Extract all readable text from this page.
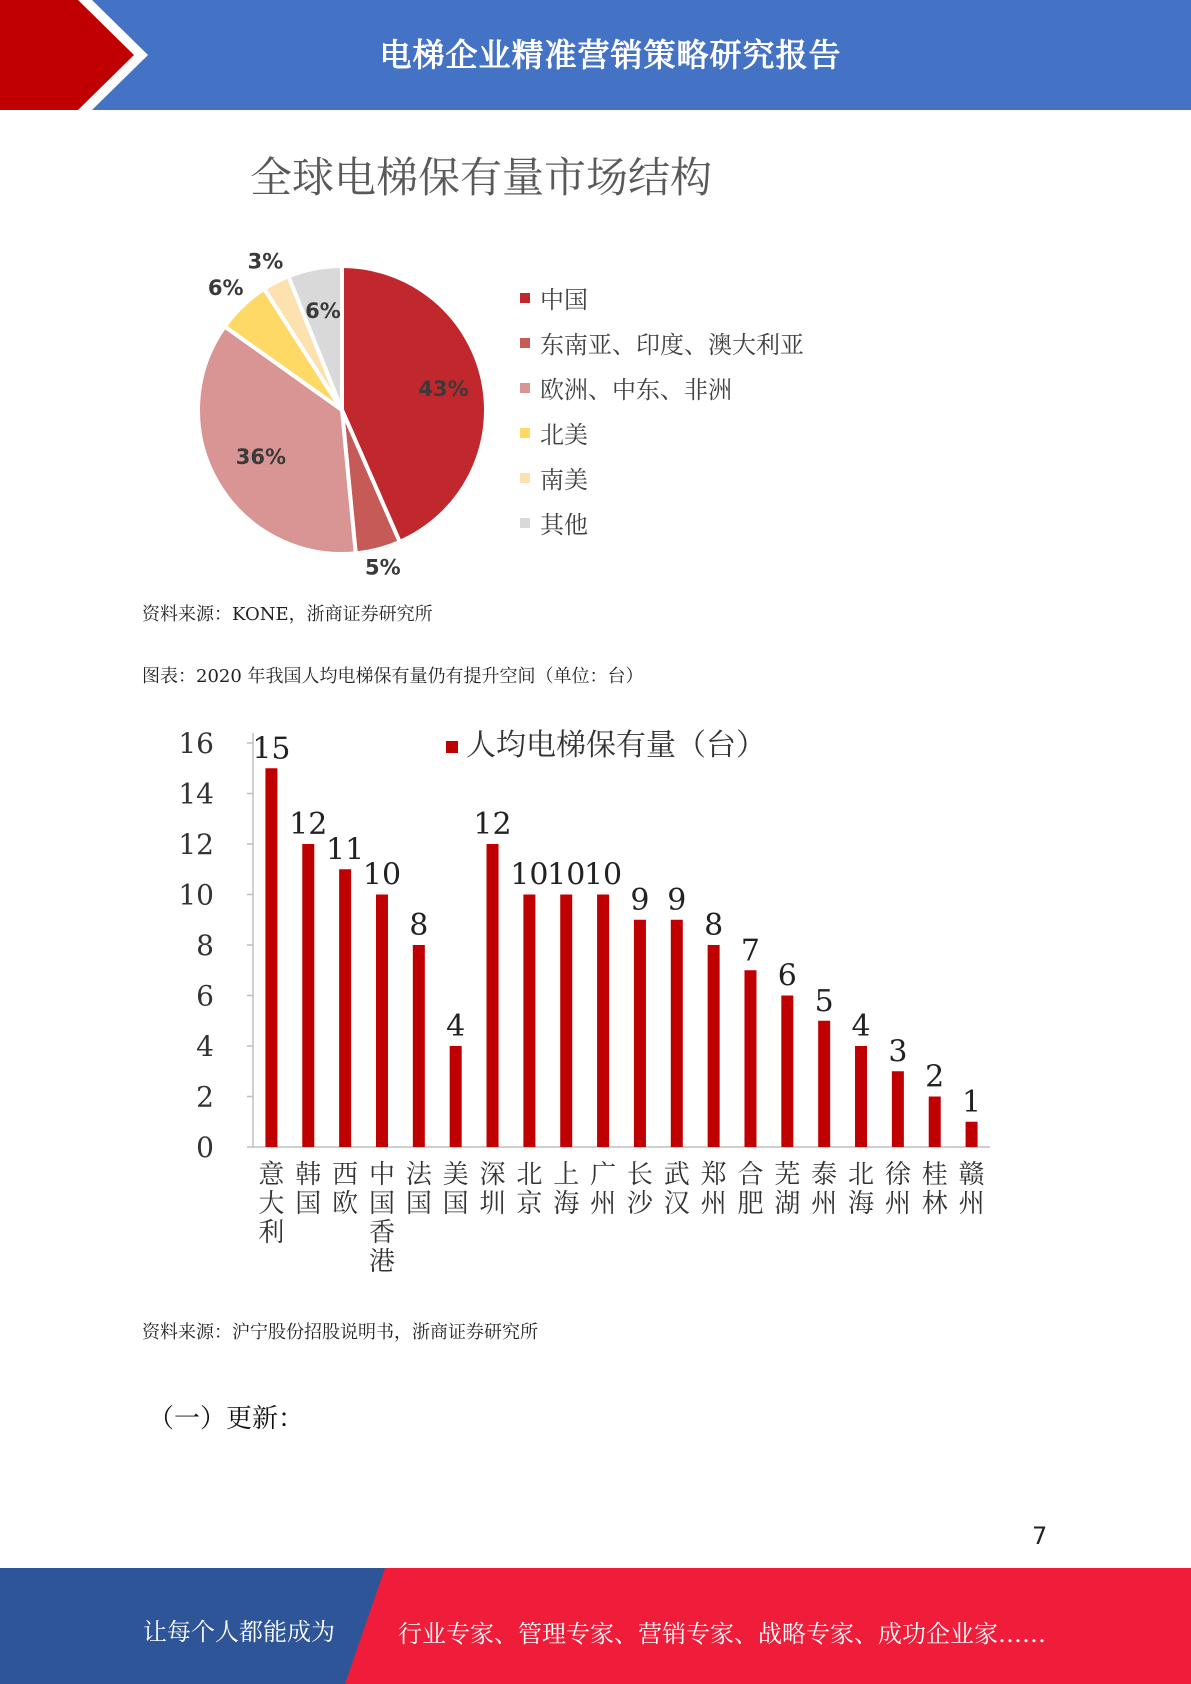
电梯企业精准营销策略研究报告
全球电梯保有量市场结构
43%
5%
36%
6%
3%
6%	中国
东南亚、印度、澳大利亚
欧洲、中东、非洲
北美
南美
其他
资料来源：KONE，浙商证券研究所
图表：2020 年我国人均电梯保有量仍有提升空间（单位：台）
0
2
4
6
8
10
12
14
16	人均电梯保有量（台）
15
意大利
12
韩国
11
西欧
10
中国香港
8
法国
4
美国
12
深圳
10
北京
10
上海
10
广州
9
长沙
9
武汉
8
郑州
7
合肥
6
芜湖
5
泰州
4
北海
3
徐州
2
桂林
1
赣州
资料来源：沪宁股份招股说明书，浙商证券研究所
（一）更新：
7
让每个人都能成为	行业专家、管理专家、营销专家、战略专家、成功企业家……
